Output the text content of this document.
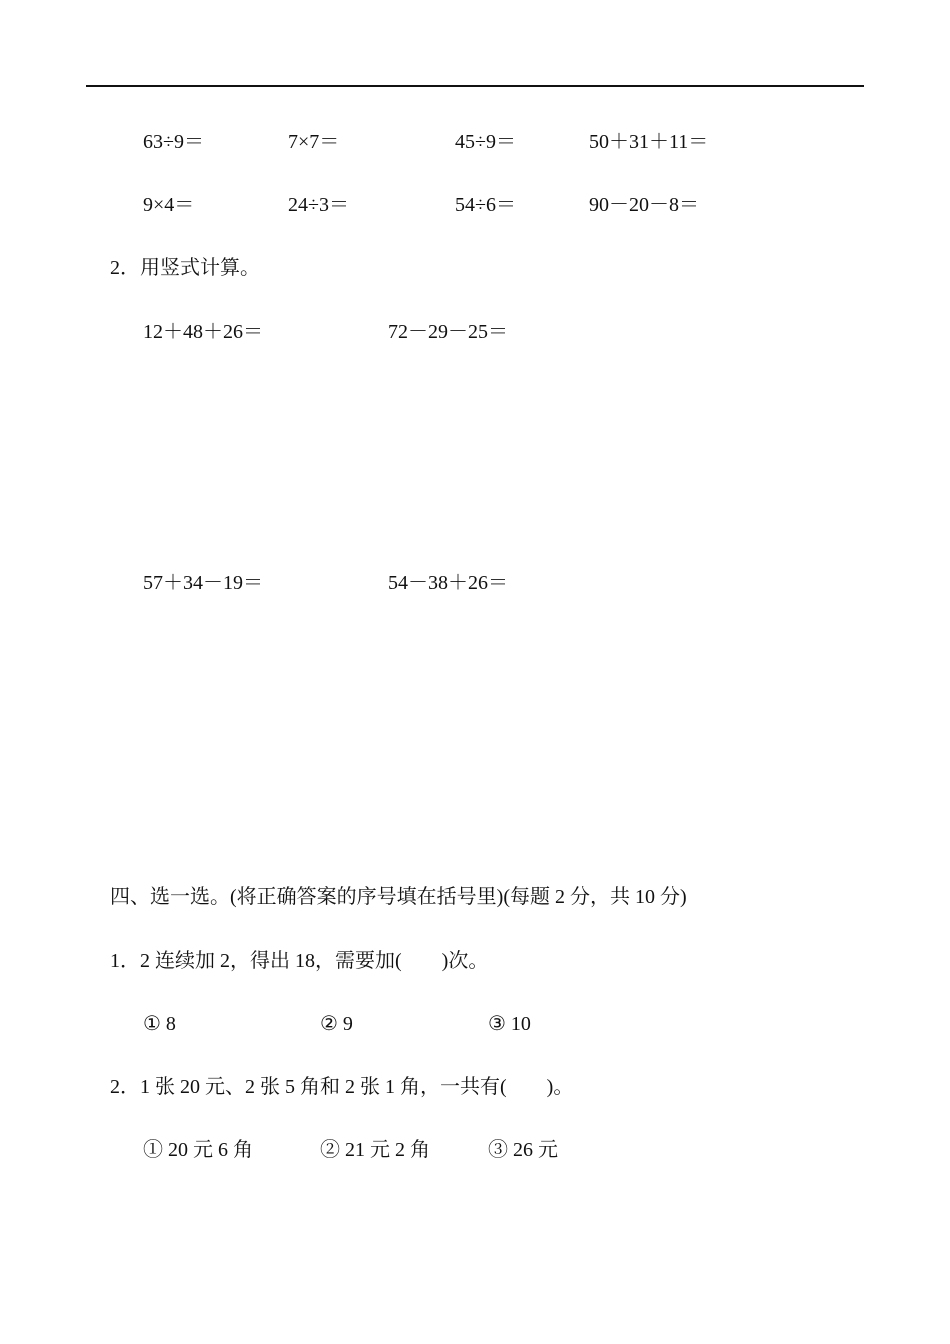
63÷9＝	7×7＝	45÷9＝	50＋31＋11＝
9×4＝	24÷3＝	54÷6＝	90－20－8＝
2．用竖式计算。
12＋48＋26＝	72－29－25＝
57＋34－19＝	54－38＋26＝
四、选一选。(将正确答案的序号填在括号里)(每题 2 分，共 10 分)
1．2 连续加 2，得出 18，需要加(　　)次。
① 8	② 9	③ 10
2．1 张 20 元、2 张 5 角和 2 张 1 角，一共有(　　)。
① 20 元 6 角	② 21 元 2 角	③ 26 元
